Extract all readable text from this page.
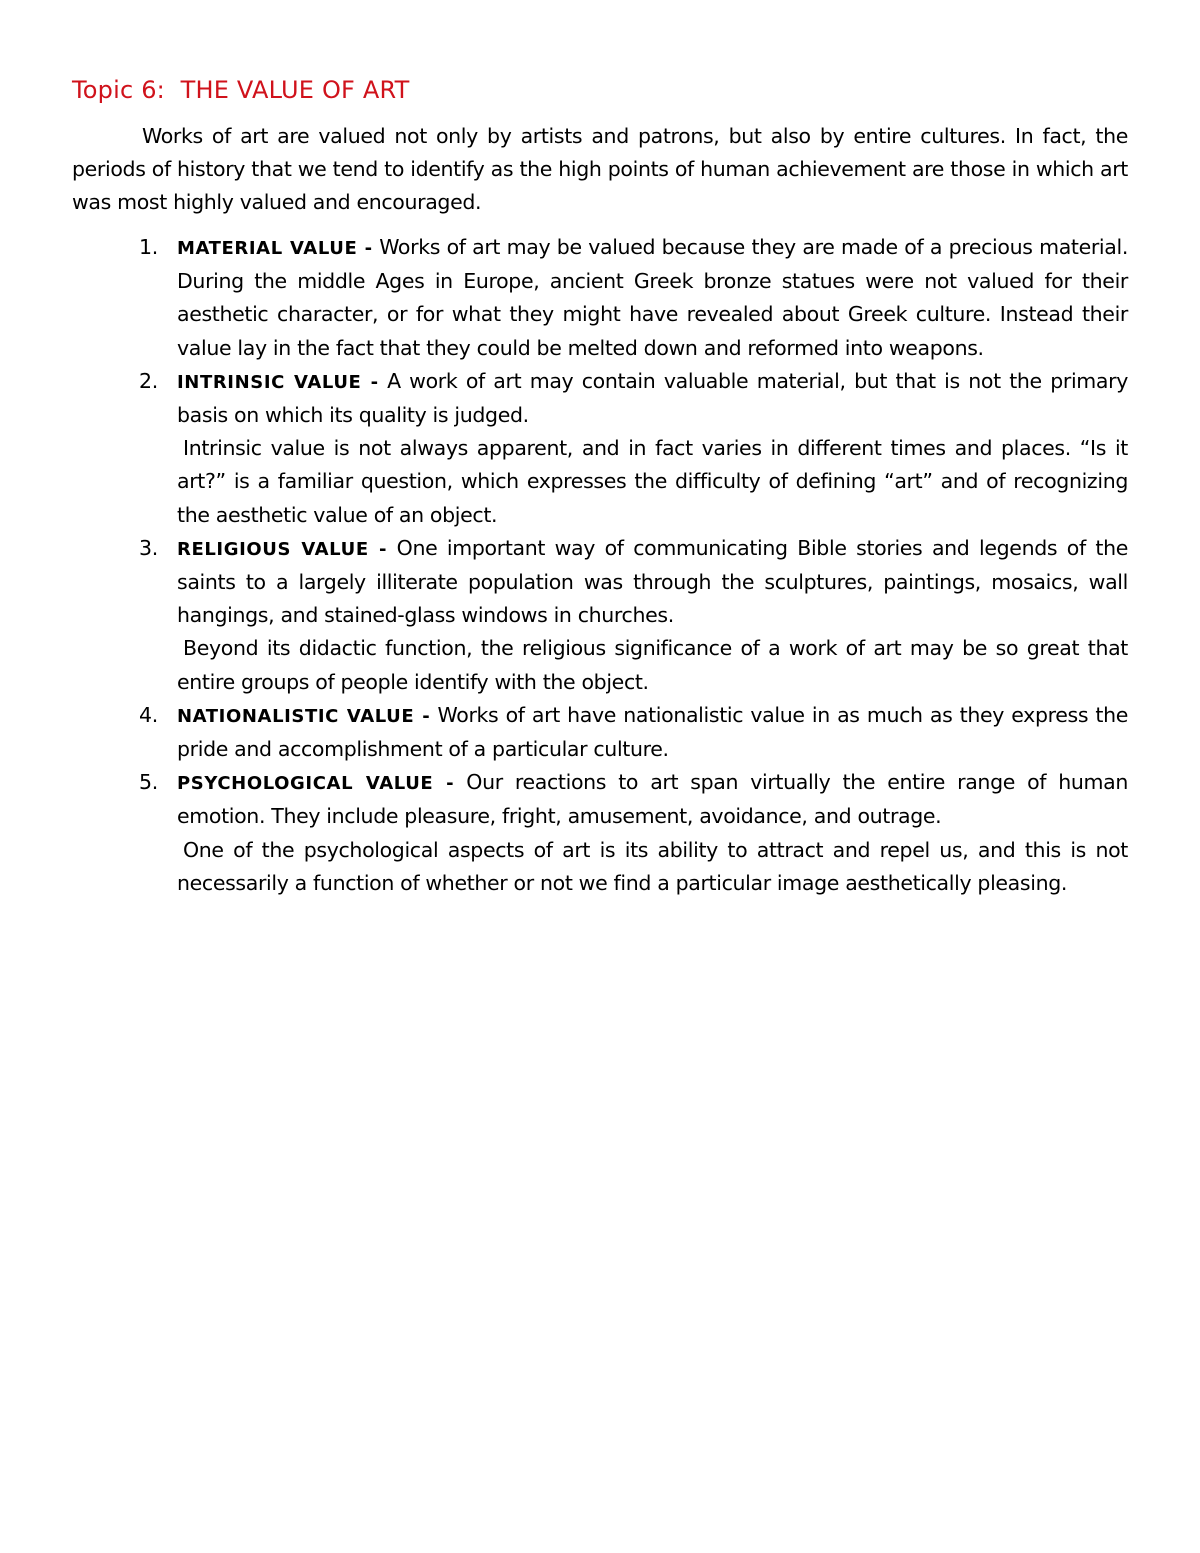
Topic 6: THE VALUE OF ART

Works of art are valued not only by artists and patrons, but also by entire cultures. In fact, the periods of history that we tend to identify as the high points of human achievement are those in which art was most highly valued and encouraged.

1. MATERIAL VALUE - Works of art may be valued because they are made of a precious material. During the middle Ages in Europe, ancient Greek bronze statues were not valued for their aesthetic character, or for what they might have revealed about Greek culture. Instead their value lay in the fact that they could be melted down and reformed into weapons.
2. INTRINSIC VALUE - A work of art may contain valuable material, but that is not the primary basis on which its quality is judged.
Intrinsic value is not always apparent, and in fact varies in different times and places. “Is it art?” is a familiar question, which expresses the difficulty of defining “art” and of recognizing the aesthetic value of an object.
3. RELIGIOUS VALUE - One important way of communicating Bible stories and legends of the saints to a largely illiterate population was through the sculptures, paintings, mosaics, wall hangings, and stained-glass windows in churches.
Beyond its didactic function, the religious significance of a work of art may be so great that entire groups of people identify with the object.
4. NATIONALISTIC VALUE - Works of art have nationalistic value in as much as they express the pride and accomplishment of a particular culture.
5. PSYCHOLOGICAL VALUE - Our reactions to art span virtually the entire range of human emotion. They include pleasure, fright, amusement, avoidance, and outrage.
One of the psychological aspects of art is its ability to attract and repel us, and this is not necessarily a function of whether or not we find a particular image aesthetically pleasing.
